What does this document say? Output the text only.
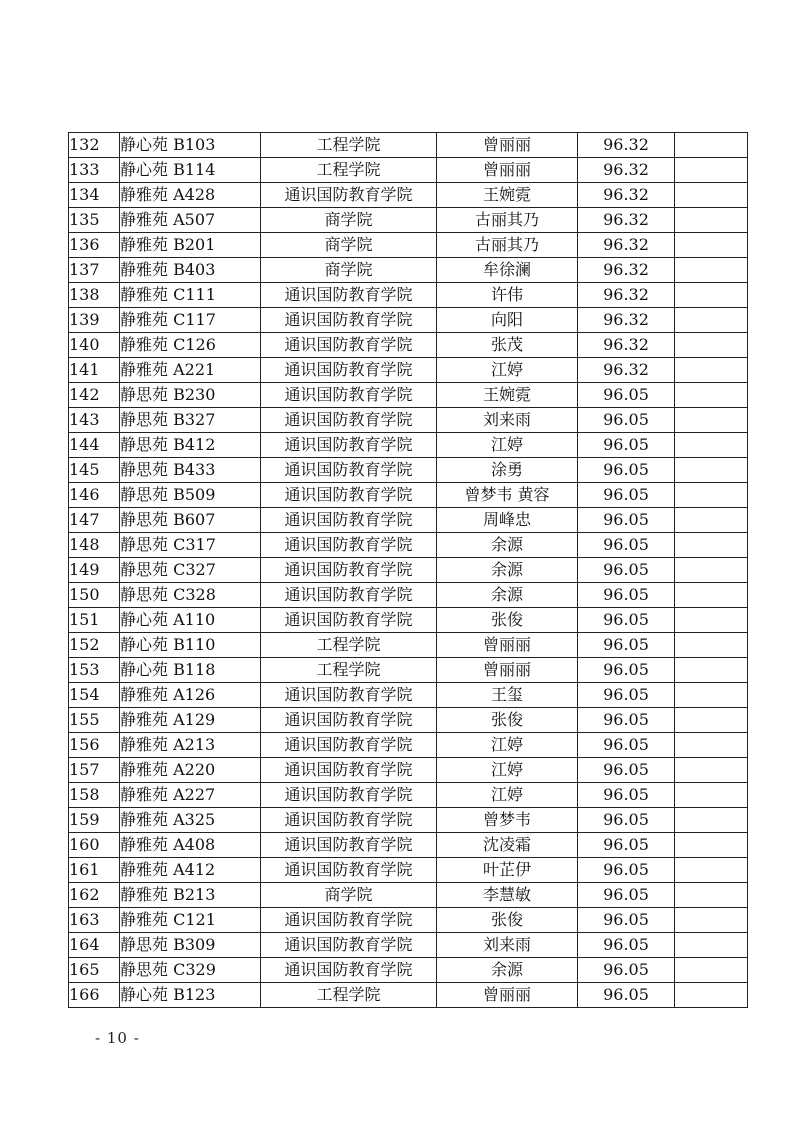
132	静心苑 B103	工程学院	曾丽丽	96.32	
133	静心苑 B114	工程学院	曾丽丽	96.32	
134	静雅苑 A428	通识国防教育学院	王婉霓	96.32	
135	静雅苑 A507	商学院	古丽其乃	96.32	
136	静雅苑 B201	商学院	古丽其乃	96.32	
137	静雅苑 B403	商学院	牟徐澜	96.32	
138	静雅苑 C111	通识国防教育学院	许伟	96.32	
139	静雅苑 C117	通识国防教育学院	向阳	96.32	
140	静雅苑 C126	通识国防教育学院	张茂	96.32	
141	静雅苑 A221	通识国防教育学院	江婷	96.32	
142	静思苑 B230	通识国防教育学院	王婉霓	96.05	
143	静思苑 B327	通识国防教育学院	刘来雨	96.05	
144	静思苑 B412	通识国防教育学院	江婷	96.05	
145	静思苑 B433	通识国防教育学院	涂勇	96.05	
146	静思苑 B509	通识国防教育学院	曾梦韦 黄容	96.05	
147	静思苑 B607	通识国防教育学院	周峰忠	96.05	
148	静思苑 C317	通识国防教育学院	余源	96.05	
149	静思苑 C327	通识国防教育学院	余源	96.05	
150	静思苑 C328	通识国防教育学院	余源	96.05	
151	静心苑 A110	通识国防教育学院	张俊	96.05	
152	静心苑 B110	工程学院	曾丽丽	96.05	
153	静心苑 B118	工程学院	曾丽丽	96.05	
154	静雅苑 A126	通识国防教育学院	王玺	96.05	
155	静雅苑 A129	通识国防教育学院	张俊	96.05	
156	静雅苑 A213	通识国防教育学院	江婷	96.05	
157	静雅苑 A220	通识国防教育学院	江婷	96.05	
158	静雅苑 A227	通识国防教育学院	江婷	96.05	
159	静雅苑 A325	通识国防教育学院	曾梦韦	96.05	
160	静雅苑 A408	通识国防教育学院	沈凌霜	96.05	
161	静雅苑 A412	通识国防教育学院	叶芷伊	96.05	
162	静雅苑 B213	商学院	李慧敏	96.05	
163	静雅苑 C121	通识国防教育学院	张俊	96.05	
164	静思苑 B309	通识国防教育学院	刘来雨	96.05	
165	静思苑 C329	通识国防教育学院	余源	96.05	
166	静心苑 B123	工程学院	曾丽丽	96.05	
- 10 -
